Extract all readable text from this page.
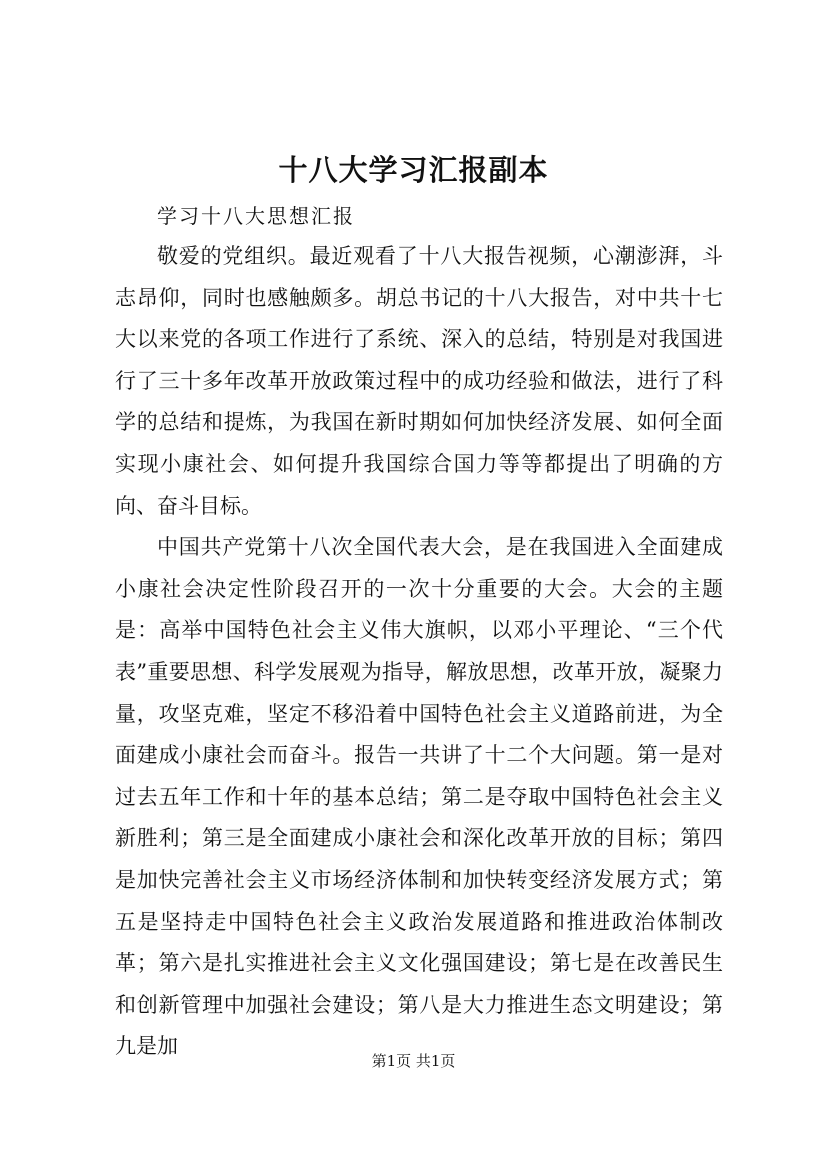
十八大学习汇报副本

学习十八大思想汇报

敬爱的党组织。最近观看了十八大报告视频，心潮澎湃，斗志昂仰，同时也感触颇多。胡总书记的十八大报告，对中共十七大以来党的各项工作进行了系统、深入的总结，特别是对我国进行了三十多年改革开放政策过程中的成功经验和做法，进行了科学的总结和提炼，为我国在新时期如何加快经济发展、如何全面实现小康社会、如何提升我国综合国力等等都提出了明确的方向、奋斗目标。

中国共产党第十八次全国代表大会，是在我国进入全面建成小康社会决定性阶段召开的一次十分重要的大会。大会的主题是：高举中国特色社会主义伟大旗帜，以邓小平理论、“三个代表”重要思想、科学发展观为指导，解放思想，改革开放，凝聚力量，攻坚克难，坚定不移沿着中国特色社会主义道路前进，为全面建成小康社会而奋斗。报告一共讲了十二个大问题。第一是对过去五年工作和十年的基本总结；第二是夺取中国特色社会主义新胜利；第三是全面建成小康社会和深化改革开放的目标；第四是加快完善社会主义市场经济体制和加快转变经济发展方式；第五是坚持走中国特色社会主义政治发展道路和推进政治体制改革；第六是扎实推进社会主义文化强国建设；第七是在改善民生和创新管理中加强社会建设；第八是大力推进生态文明建设；第九是加

第1页 共1页
